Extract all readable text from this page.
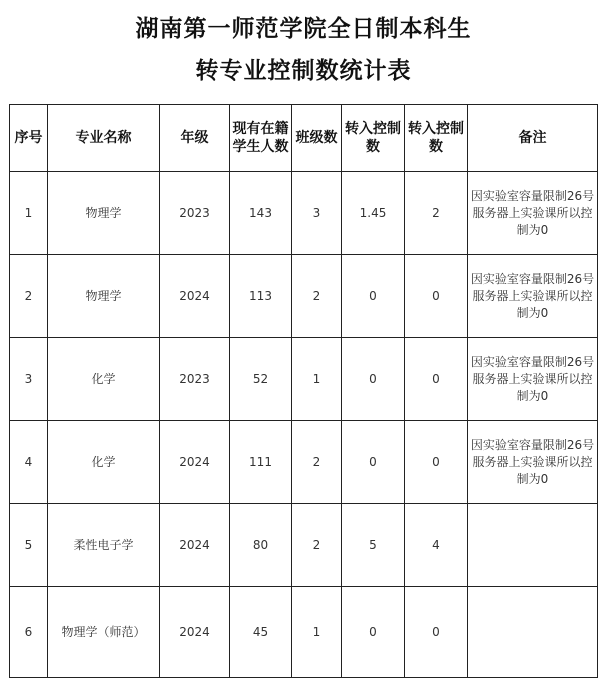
湖南第一师范学院全日制本科生
转专业控制数统计表
序号	专业名称	年级	现有在籍学生人数	班级数	转入控制数	转入控制数	备注
1	物理学	2023	143	3	1.45	2	因实验室容量限制26号服务器上实验课所以控制为0
2	物理学	2024	113	2	0	0	因实验室容量限制26号服务器上实验课所以控制为0
3	化学	2023	52	1	0	0	因实验室容量限制26号服务器上实验课所以控制为0
4	化学	2024	111	2	0	0	因实验室容量限制26号服务器上实验课所以控制为0
5	柔性电子学	2024	80	2	5	4	
6	物理学（师范）	2024	45	1	0	0	
